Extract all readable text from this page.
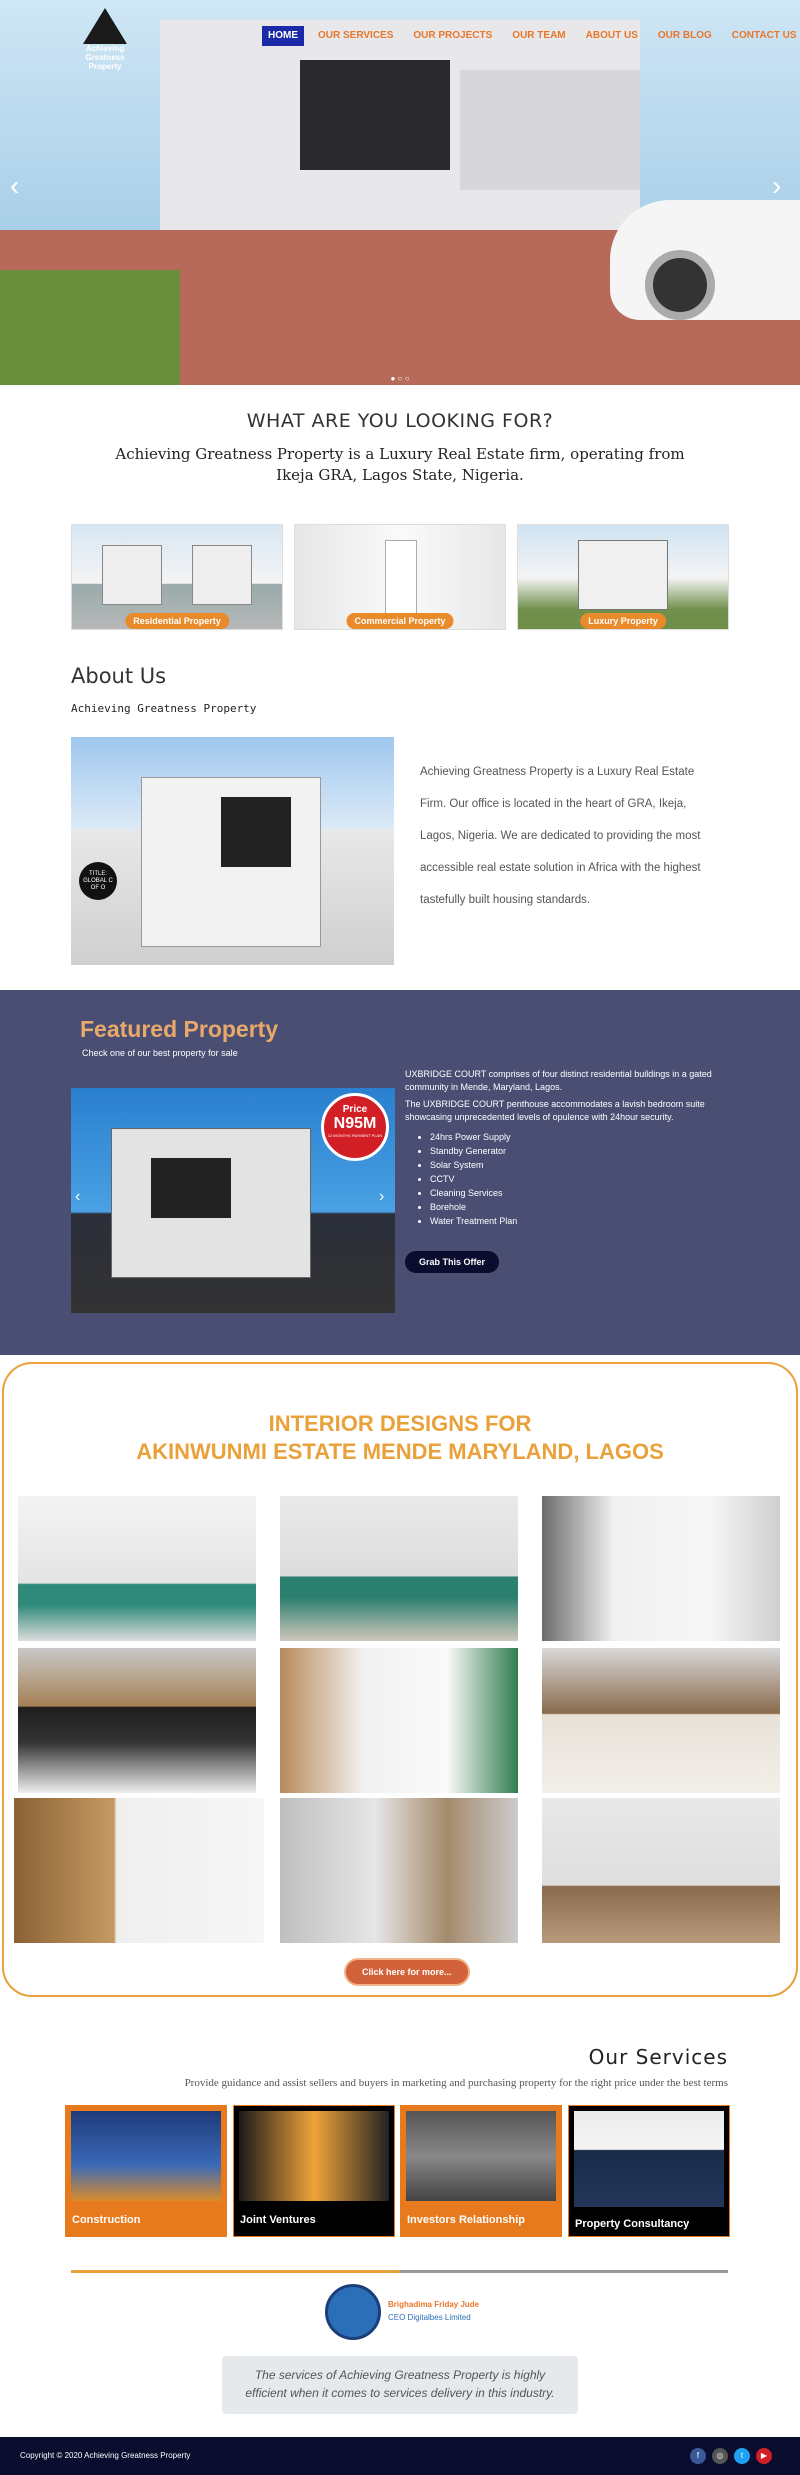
Achieving Greatness Property
HOME	OUR SERVICES	OUR PROJECTS	OUR TEAM	ABOUT US	OUR BLOG	CONTACT US
‹	›
● ○ ○
WHAT ARE YOU LOOKING FOR?

Achieving Greatness Property is a Luxury Real Estate firm, operating from Ikeja GRA, Lagos State, Nigeria.

Residential Property	Commercial Property	Luxury Property
About Us
Achieving Greatness Property
TITLE: GLOBAL C OF O

Achieving Greatness Property is a Luxury Real Estate Firm. Our office is located in the heart of GRA, Ikeja, Lagos, Nigeria. We are dedicated to providing the most accessible real estate solution in Africa with the highest tastefully built housing standards.

Featured Property
Check one of our best property for sale
Price
N95M
12 MONTHS PAYMENT PLAN
‹	›

UXBRIDGE COURT comprises of four distinct residential buildings in a gated community in Mende, Maryland, Lagos.

The UXBRIDGE COURT penthouse accommodates a lavish bedroom suite showcasing unprecedented levels of opulence with 24hour security.

• 24hrs Power Supply
• Standby Generator
• Solar System
• CCTV
• Cleaning Services
• Borehole
• Water Treatment Plan
Grab This Offer
INTERIOR DESIGNS FOR
AKINWUNMI ESTATE MENDE MARYLAND, LAGOS
Click here for more...
Our Services

Provide guidance and assist sellers and buyers in marketing and purchasing property for the right price under the best terms

Construction	Joint Ventures	Investors Relationship	Property Consultancy
Brighadima Friday Jude
CEO Digitalbes Limited
The services of Achieving Greatness Property is highly efficient when it comes to services delivery in this industry.
Copyright © 2020 Achieving Greatness Property	f	◎	t	▶
